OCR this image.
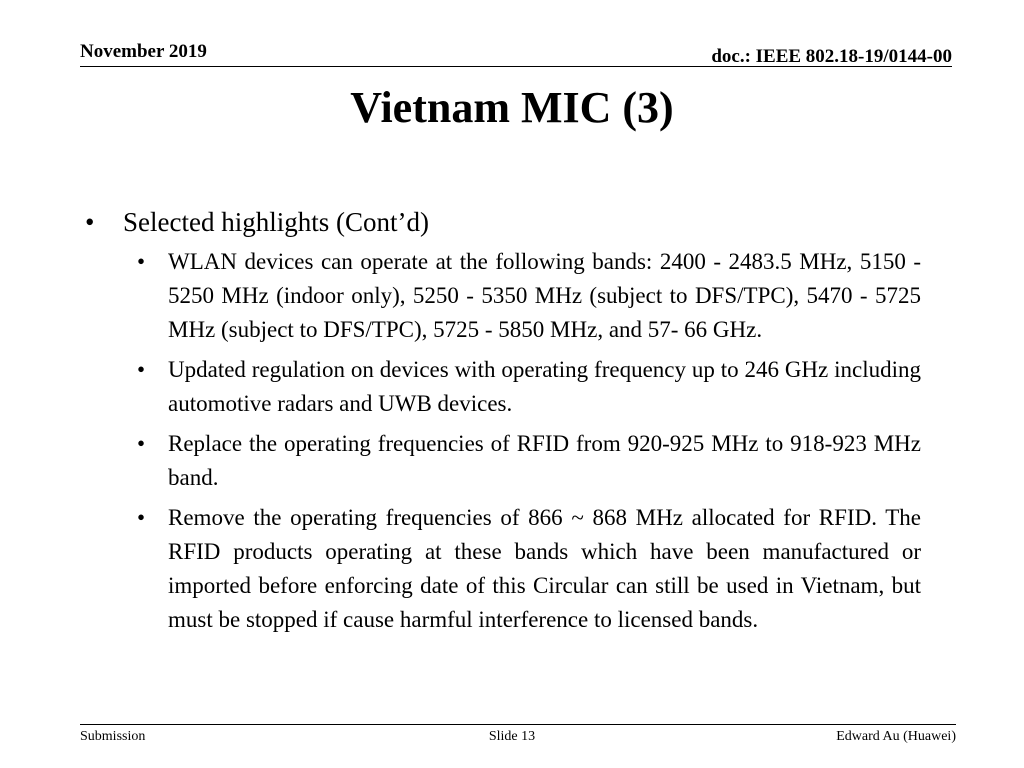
November 2019	doc.: IEEE 802.18-19/0144-00
Vietnam MIC (3)
• Selected highlights (Cont’d)
• WLAN devices can operate at the following bands: 2400 - 2483.5 MHz, 5150 - 5250 MHz (indoor only), 5250 - 5350 MHz (subject to DFS/TPC), 5470 - 5725 MHz (subject to DFS/TPC), 5725 - 5850 MHz, and 57- 66 GHz.
• Updated regulation on devices with operating frequency up to 246 GHz including automotive radars and UWB devices.
• Replace the operating frequencies of RFID from 920-925 MHz to 918-923 MHz band.
• Remove the operating frequencies of 866 ~ 868 MHz allocated for RFID. The RFID products operating at these bands which have been manufactured or imported before enforcing date of this Circular can still be used in Vietnam, but must be stopped if cause harmful interference to licensed bands.
Submission	Slide 13	Edward Au (Huawei)
